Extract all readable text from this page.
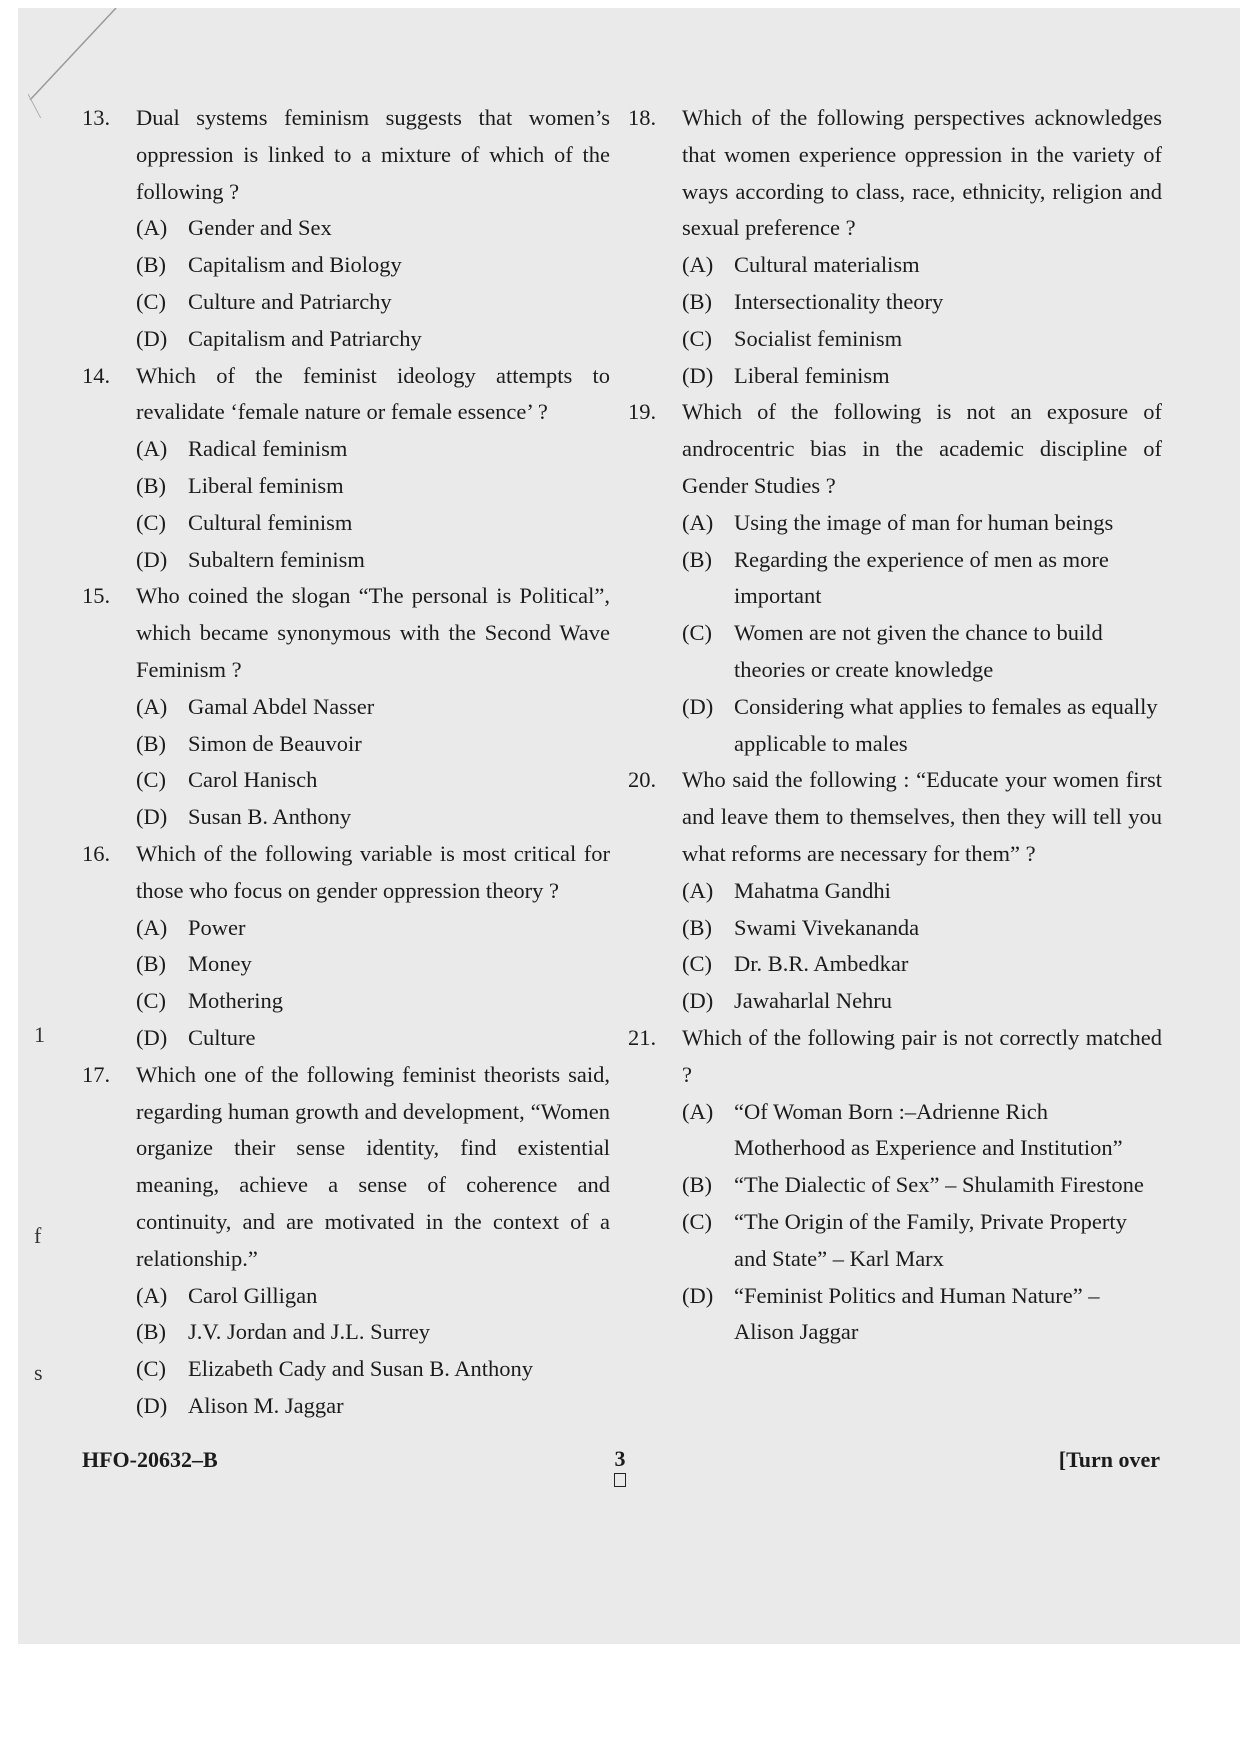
1
f
s
13. Dual systems feminism suggests that women’s oppression is linked to a mixture of which of the following ?
(A) Gender and Sex
(B) Capitalism and Biology
(C) Culture and Patriarchy
(D) Capitalism and Patriarchy
14. Which of the feminist ideology attempts to revalidate ‘female nature or female essence’ ?
(A) Radical feminism
(B) Liberal feminism
(C) Cultural feminism
(D) Subaltern feminism
15. Who coined the slogan “The personal is Political”, which became synonymous with the Second Wave Feminism ?
(A) Gamal Abdel Nasser
(B) Simon de Beauvoir
(C) Carol Hanisch
(D) Susan B. Anthony
16. Which of the following variable is most critical for those who focus on gender oppression theory ?
(A) Power
(B) Money
(C) Mothering
(D) Culture
17. Which one of the following feminist theorists said, regarding human growth and development, “Women organize their sense identity, find existential meaning, achieve a sense of coherence and continuity, and are motivated in the context of a relationship.”
(A) Carol Gilligan
(B) J.V. Jordan and J.L. Surrey
(C) Elizabeth Cady and Susan B. Anthony
(D) Alison M. Jaggar
18. Which of the following perspectives acknowledges that women experience oppression in the variety of ways according to class, race, ethnicity, religion and sexual preference ?
(A) Cultural materialism
(B) Intersectionality theory
(C) Socialist feminism
(D) Liberal feminism
19. Which of the following is not an exposure of androcentric bias in the academic discipline of Gender Studies ?
(A) Using the image of man for human beings
(B) Regarding the experience of men as more important
(C) Women are not given the chance to build theories or create knowledge
(D) Considering what applies to females as equally applicable to males
20. Who said the following : “Educate your women first and leave them to themselves, then they will tell you what reforms are necessary for them” ?
(A) Mahatma Gandhi
(B) Swami Vivekananda
(C) Dr. B.R. Ambedkar
(D) Jawaharlal Nehru
21. Which of the following pair is not correctly matched ?
(A) “Of Woman Born :–Adrienne Rich Motherhood as Experience and Institution”
(B) “The Dialectic of Sex” – Shulamith Firestone
(C) “The Origin of the Family, Private Property and State” – Karl Marx
(D) “Feminist Politics and Human Nature” – Alison Jaggar
HFO-20632–B	3	[Turn over
